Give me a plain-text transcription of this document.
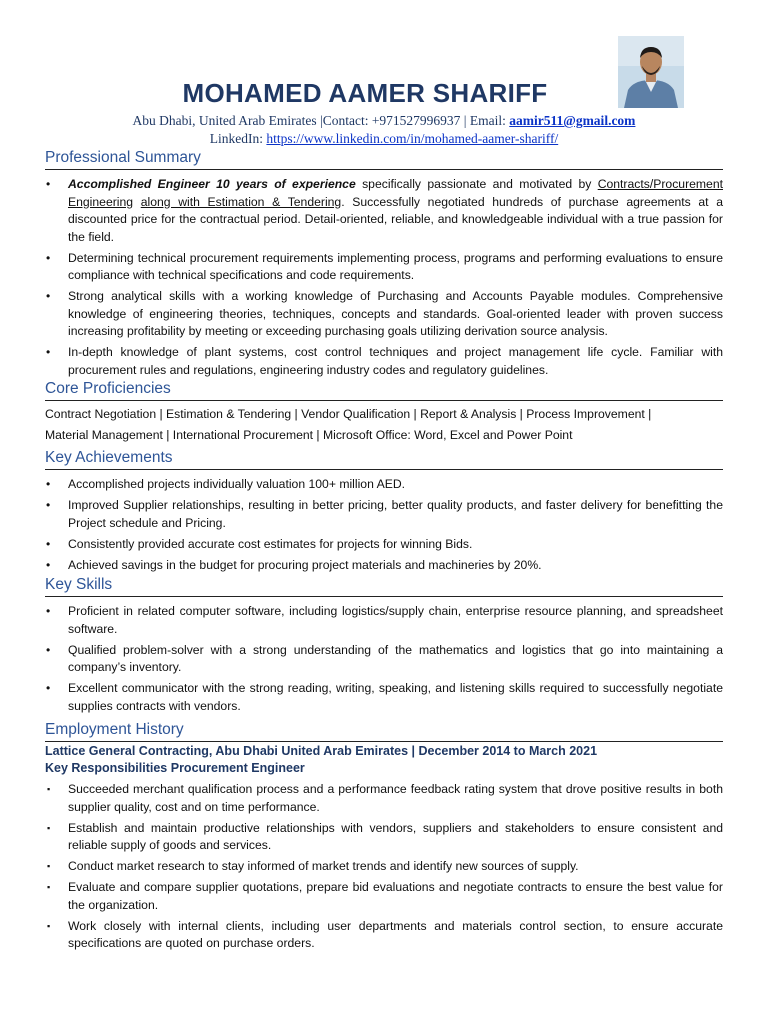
MOHAMED AAMER SHARIFF
Abu Dhabi, United Arab Emirates |Contact: +971527996937 | Email: aamir511@gmail.com
LinkedIn: https://www.linkedin.com/in/mohamed-aamer-shariff/
Professional Summary
• Accomplished Engineer 10 years of experience specifically passionate and motivated by Contracts/Procurement Engineering along with Estimation & Tendering. Successfully negotiated hundreds of purchase agreements at a discounted price for the contractual period. Detail-oriented, reliable, and knowledgeable individual with a true passion for the field.
• Determining technical procurement requirements implementing process, programs and performing evaluations to ensure compliance with technical specifications and code requirements.
• Strong analytical skills with a working knowledge of Purchasing and Accounts Payable modules. Comprehensive knowledge of engineering theories, techniques, concepts and standards. Goal-oriented leader with proven success increasing profitability by meeting or exceeding purchasing goals utilizing derivation source analysis.
• In-depth knowledge of plant systems, cost control techniques and project management life cycle. Familiar with procurement rules and regulations, engineering industry codes and regulatory guidelines.
Core Proficiencies
Contract Negotiation | Estimation & Tendering | Vendor Qualification | Report & Analysis | Process Improvement |
Material Management | International Procurement | Microsoft Office: Word, Excel and Power Point
Key Achievements
• Accomplished projects individually valuation 100+ million AED.
• Improved Supplier relationships, resulting in better pricing, better quality products, and faster delivery for benefitting the Project schedule and Pricing.
• Consistently provided accurate cost estimates for projects for winning Bids.
• Achieved savings in the budget for procuring project materials and machineries by 20%.
Key Skills
• Proficient in related computer software, including logistics/supply chain, enterprise resource planning, and spreadsheet software.
• Qualified problem-solver with a strong understanding of the mathematics and logistics that go into maintaining a company’s inventory.
• Excellent communicator with the strong reading, writing, speaking, and listening skills required to successfully negotiate supplies contracts with vendors.
Employment History
Lattice General Contracting, Abu Dhabi United Arab Emirates | December 2014 to March 2021
Key Responsibilities Procurement Engineer
▪ Succeeded merchant qualification process and a performance feedback rating system that drove positive results in both supplier quality, cost and on time performance.
▪ Establish and maintain productive relationships with vendors, suppliers and stakeholders to ensure consistent and reliable supply of goods and services.
▪ Conduct market research to stay informed of market trends and identify new sources of supply.
▪ Evaluate and compare supplier quotations, prepare bid evaluations and negotiate contracts to ensure the best value for the organization.
▪ Work closely with internal clients, including user departments and materials control section, to ensure accurate specifications are quoted on purchase orders.
